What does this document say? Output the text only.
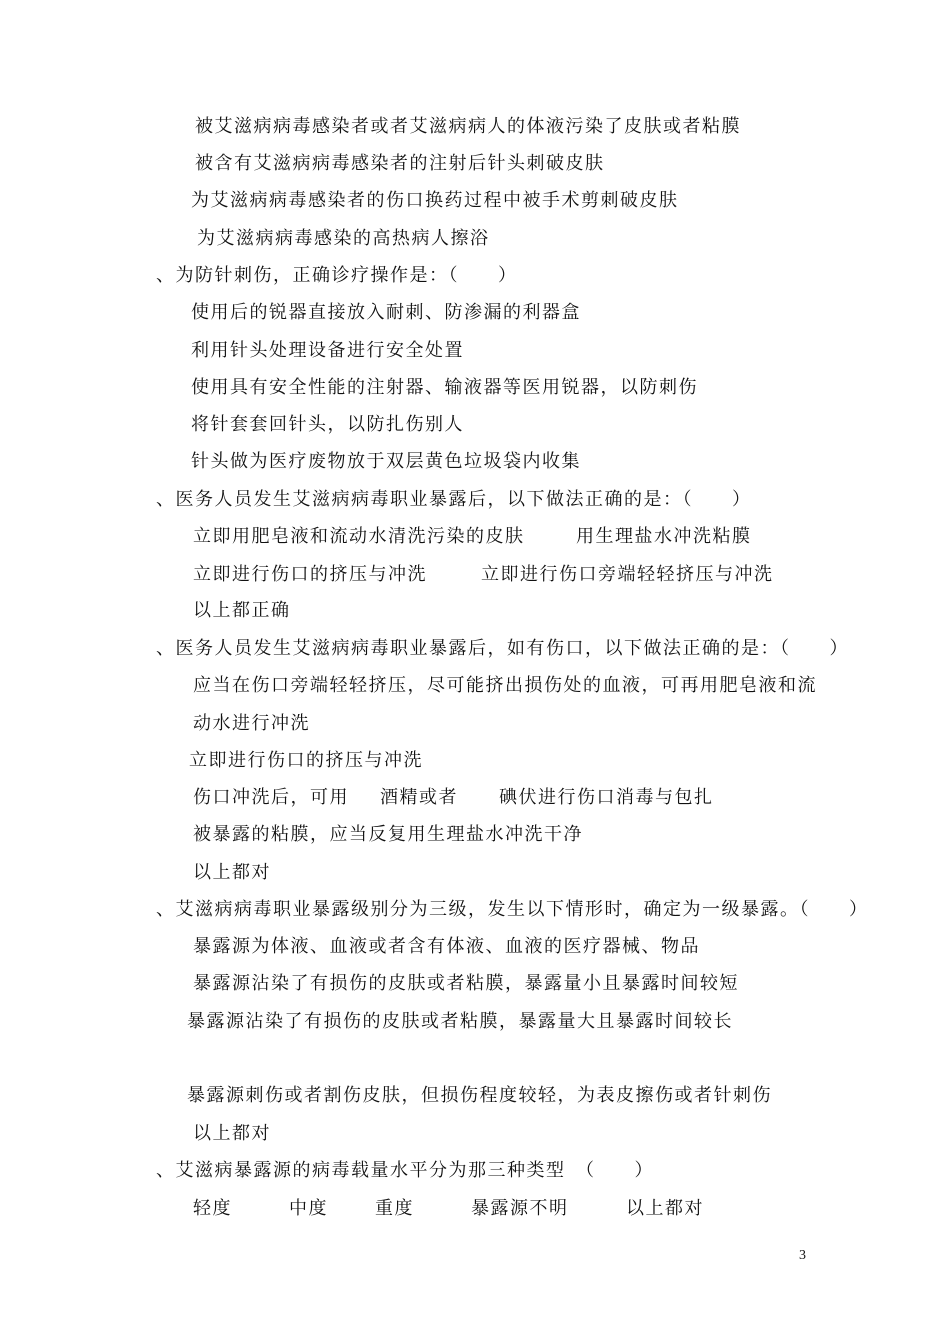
被艾滋病病毒感染者或者艾滋病病人的体液污染了皮肤或者粘膜
被含有艾滋病病毒感染者的注射后针头刺破皮肤
为艾滋病病毒感染者的伤口换药过程中被手术剪刺破皮肤
为艾滋病病毒感染的高热病人擦浴
、为防针刺伤，正确诊疗操作是：（　　）
使用后的锐器直接放入耐刺、防渗漏的利器盒
利用针头处理设备进行安全处置
使用具有安全性能的注射器、输液器等医用锐器，以防刺伤
将针套套回针头，以防扎伤别人
针头做为医疗废物放于双层黄色垃圾袋内收集
、医务人员发生艾滋病病毒职业暴露后，以下做法正确的是：（　　）
立即用肥皂液和流动水清洗污染的皮肤	用生理盐水冲洗粘膜
立即进行伤口的挤压与冲洗	立即进行伤口旁端轻轻挤压与冲洗
以上都正确
、医务人员发生艾滋病病毒职业暴露后，如有伤口，以下做法正确的是：（　　）
应当在伤口旁端轻轻挤压，尽可能挤出损伤处的血液，可再用肥皂液和流
动水进行冲洗
立即进行伤口的挤压与冲洗
伤口冲洗后，可用 酒精或者 碘伏进行伤口消毒与包扎
被暴露的粘膜，应当反复用生理盐水冲洗干净
以上都对
、艾滋病病毒职业暴露级别分为三级，发生以下情形时，确定为一级暴露。（　　）
暴露源为体液、血液或者含有体液、血液的医疗器械、物品
暴露源沾染了有损伤的皮肤或者粘膜，暴露量小且暴露时间较短
暴露源沾染了有损伤的皮肤或者粘膜，暴露量大且暴露时间较长
暴露源刺伤或者割伤皮肤，但损伤程度较轻，为表皮擦伤或者针刺伤
以上都对
、艾滋病暴露源的病毒载量水平分为那三种类型　（　　）
轻度	中度	重度	暴露源不明	以上都对
3
